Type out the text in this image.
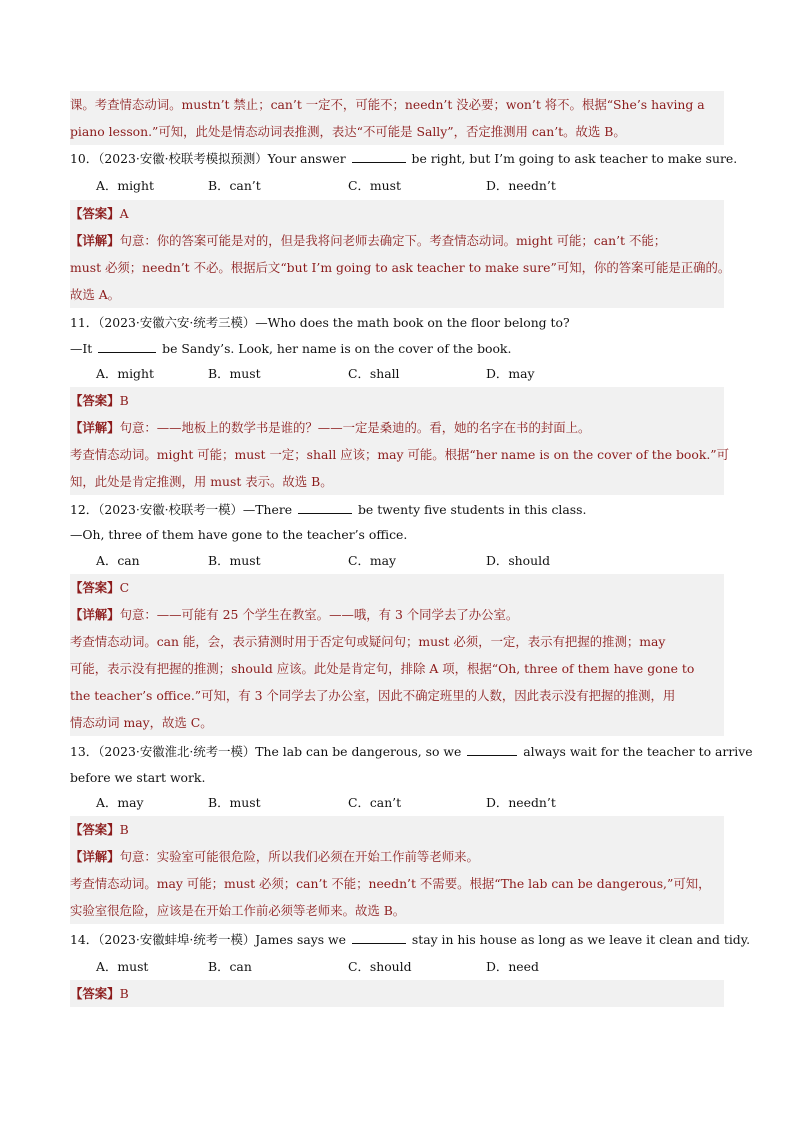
课。考查情态动词。mustn’t 禁止；can’t 一定不，可能不；needn’t 没必要；won’t 将不。根据“She’s having a
piano lesson.”可知，此处是情态动词表推测，表达“不可能是 Sally”，否定推测用 can’t。故选 B。
10．（2023·安徽·校联考模拟预测）Your answer	be right, but I’m going to ask teacher to make sure.
A．might	B．can’t	C．must	D．needn’t
【答案】A
【详解】句意：你的答案可能是对的，但是我将问老师去确定下。考查情态动词。might 可能；can’t 不能；
must 必须；needn’t 不必。根据后文“but I’m going to ask teacher to make sure”可知，你的答案可能是正确的。
故选 A。
11．（2023·安徽六安·统考三模）—Who does the math book on the floor belong to?
—It	be Sandy’s. Look, her name is on the cover of the book.
A．might	B．must	C．shall	D．may
【答案】B
【详解】句意：——地板上的数学书是谁的？——一定是桑迪的。看，她的名字在书的封面上。
考查情态动词。might 可能；must 一定；shall 应该；may 可能。根据“her name is on the cover of the book.”可
知，此处是肯定推测，用 must 表示。故选 B。
12．（2023·安徽·校联考一模）—There	be twenty five students in this class.
—Oh, three of them have gone to the teacher’s office.
A．can	B．must	C．may	D．should
【答案】C
【详解】句意：——可能有 25 个学生在教室。——哦，有 3 个同学去了办公室。
考查情态动词。can 能，会，表示猜测时用于否定句或疑问句；must 必须，一定，表示有把握的推测；may
可能，表示没有把握的推测；should 应该。此处是肯定句，排除 A 项，根据“Oh, three of them have gone to
the teacher’s office.”可知，有 3 个同学去了办公室，因此不确定班里的人数，因此表示没有把握的推测，用
情态动词 may，故选 C。
13．（2023·安徽淮北·统考一模）The lab can be dangerous, so we	always wait for the teacher to arrive
before we start work.
A．may	B．must	C．can’t	D．needn’t
【答案】B
【详解】句意：实验室可能很危险，所以我们必须在开始工作前等老师来。
考查情态动词。may 可能；must 必须；can’t 不能；needn’t 不需要。根据“The lab can be dangerous,”可知，
实验室很危险，应该是在开始工作前必须等老师来。故选 B。
14．（2023·安徽蚌埠·统考一模）James says we	stay in his house as long as we leave it clean and tidy.
A．must	B．can	C．should	D．need
【答案】B
